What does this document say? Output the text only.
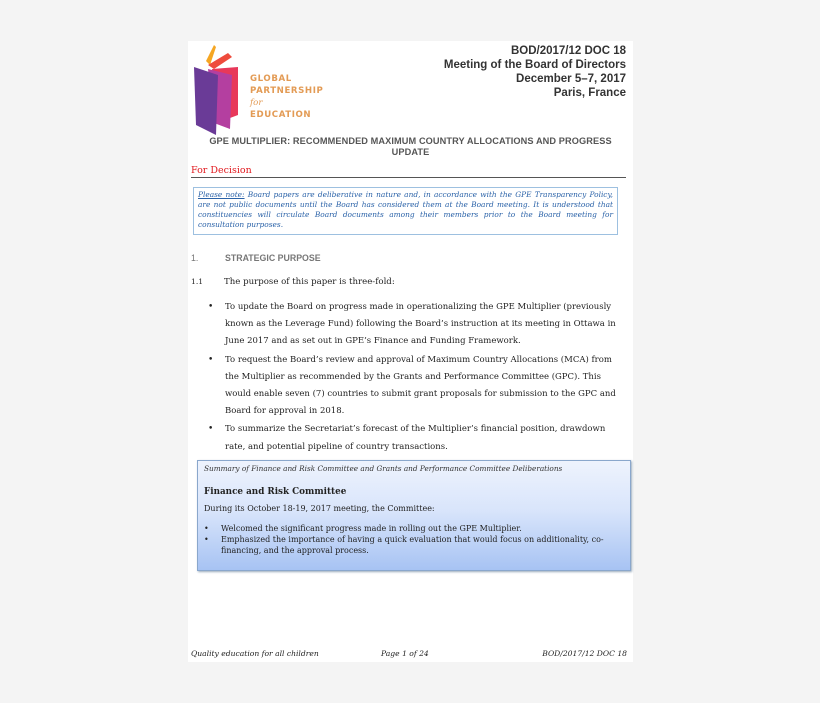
GLOBAL
PARTNERSHIP
for EDUCATION
BOD/2017/12 DOC 18
Meeting of the Board of Directors
December 5–7, 2017
Paris, France
GPE MULTIPLIER: RECOMMENDED MAXIMUM COUNTRY ALLOCATIONS AND PROGRESS UPDATE
For Decision
Please note: Board papers are deliberative in nature and, in accordance with the GPE Transparency Policy, are not public documents until the Board has considered them at the Board meeting. It is understood that constituencies will circulate Board documents among their members prior to the Board meeting for consultation purposes.
1.	STRATEGIC PURPOSE
1.1 The purpose of this paper is three-fold:
• To update the Board on progress made in operationalizing the GPE Multiplier (previously known as the Leverage Fund) following the Board’s instruction at its meeting in Ottawa in June 2017 and as set out in GPE’s Finance and Funding Framework.
• To request the Board’s review and approval of Maximum Country Allocations (MCA) from the Multiplier as recommended by the Grants and Performance Committee (GPC). This would enable seven (7) countries to submit grant proposals for submission to the GPC and Board for approval in 2018.
• To summarize the Secretariat’s forecast of the Multiplier’s financial position, drawdown rate, and potential pipeline of country transactions.
Summary of Finance and Risk Committee and Grants and Performance Committee Deliberations
Finance and Risk Committee
During its October 18-19, 2017 meeting, the Committee:
• Welcomed the significant progress made in rolling out the GPE Multiplier.
• Emphasized the importance of having a quick evaluation that would focus on additionality, co-financing, and the approval process.
Quality education for all children	Page 1 of 24	BOD/2017/12 DOC 18
